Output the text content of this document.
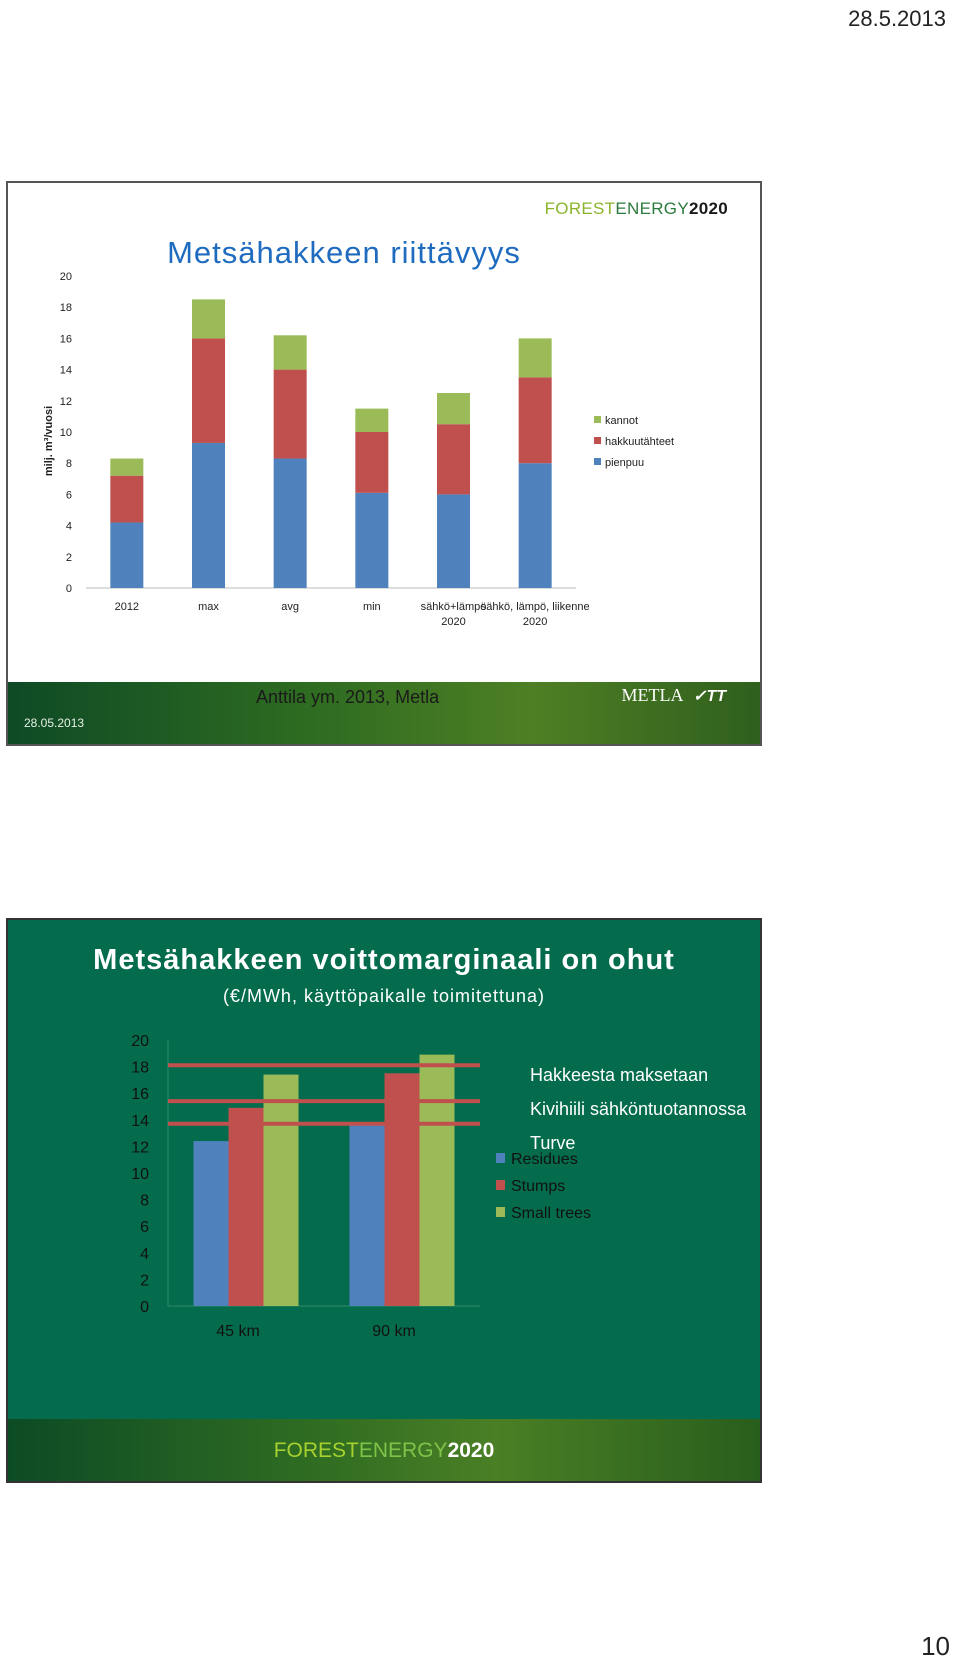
28.5.2013
FORESTENERGY2020
Metsähakkeen riittävyys
0
2
4
6
8
10
12
14
16
18
20
milj. m³/vuosi
2012	max	avg	min	sähkö+lämpö
2020
sähkö, lämpö, liikenne
2020
kannot
hakkuutähteet
pienpuu
Anttila ym. 2013, Metla
28.05.2013
METLA ✓TT
Metsähakkeen voittomarginaali on ohut
(€/MWh, käyttöpaikalle toimitettuna)
0
2
4
6
8
10
12
14
16
18
20
45 km	90 km
Residues
Stumps
Small trees
Hakkeesta maksetaan
Kivihiili sähköntuotannossa
Turve
FORESTENERGY2020
10
